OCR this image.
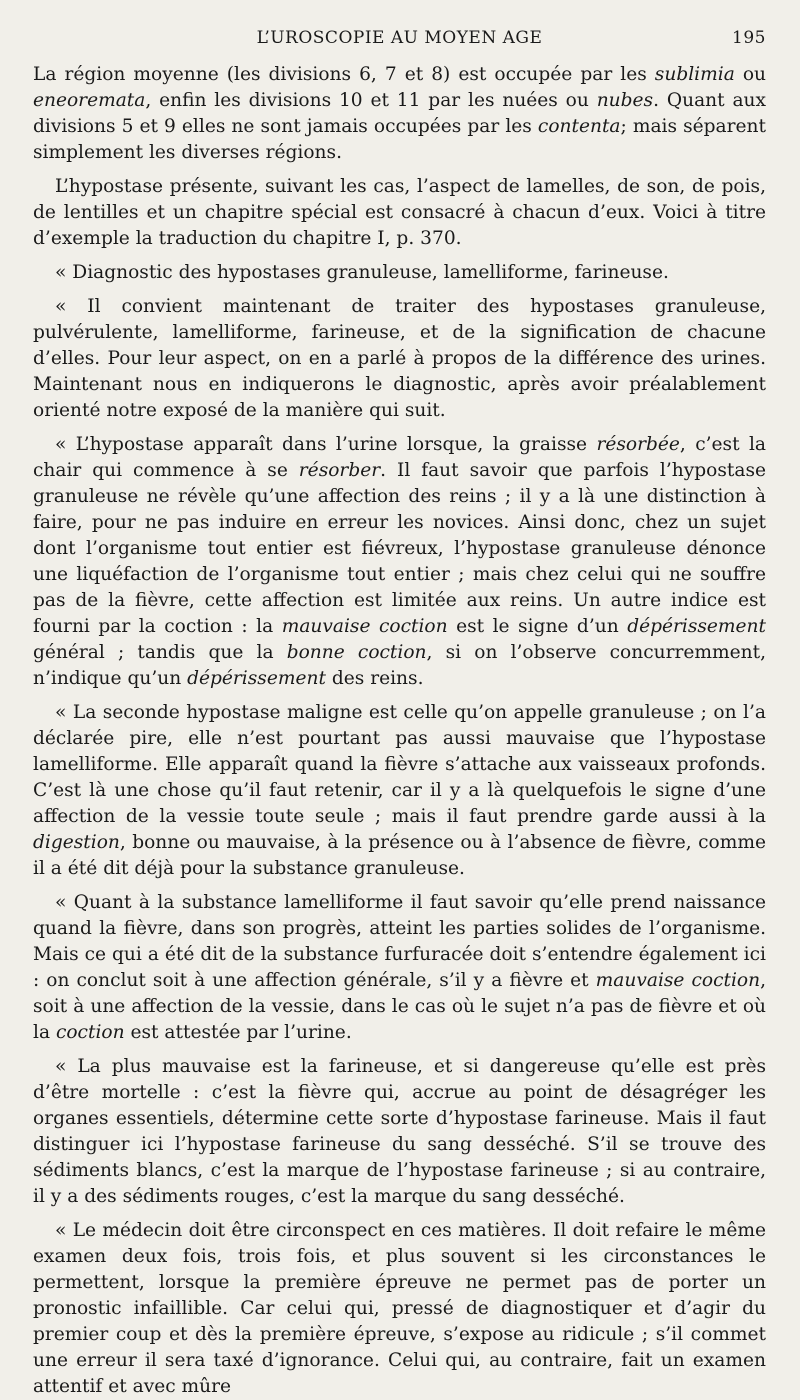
L’UROSCOPIE AU MOYEN AGE	195

La région moyenne (les divisions 6, 7 et 8) est occupée par les sublimia ou eneoremata, enfin les divisions 10 et 11 par les nuées ou nubes. Quant aux divisions 5 et 9 elles ne sont jamais occupées par les contenta; mais séparent simplement les diverses régions.

L’hypostase présente, suivant les cas, l’aspect de lamelles, de son, de pois, de lentilles et un chapitre spécial est consacré à chacun d’eux. Voici à titre d’exemple la traduction du chapitre I, p. 370.

« Diagnostic des hypostases granuleuse, lamelliforme, farineuse.

« Il convient maintenant de traiter des hypostases granuleuse, pulvérulente, lamelliforme, farineuse, et de la signification de chacune d’elles. Pour leur aspect, on en a parlé à propos de la différence des urines. Maintenant nous en indiquerons le diagnostic, après avoir préalablement orienté notre exposé de la manière qui suit.

« L’hypostase apparaît dans l’urine lorsque, la graisse résorbée, c’est la chair qui commence à se résorber. Il faut savoir que parfois l’hypostase granuleuse ne révèle qu’une affection des reins ; il y a là une distinction à faire, pour ne pas induire en erreur les novices. Ainsi donc, chez un sujet dont l’organisme tout entier est fiévreux, l’hypostase granuleuse dénonce une liquéfaction de l’organisme tout entier ; mais chez celui qui ne souffre pas de la fièvre, cette affection est limitée aux reins. Un autre indice est fourni par la coction : la mauvaise coction est le signe d’un dépérissement général ; tandis que la bonne coction, si on l’observe concurremment, n’indique qu’un dépérissement des reins.

« La seconde hypostase maligne est celle qu’on appelle granuleuse ; on l’a déclarée pire, elle n’est pourtant pas aussi mauvaise que l’hypostase lamelliforme. Elle apparaît quand la fièvre s’attache aux vaisseaux profonds. C’est là une chose qu’il faut retenir, car il y a là quelquefois le signe d’une affection de la vessie toute seule ; mais il faut prendre garde aussi à la digestion, bonne ou mauvaise, à la présence ou à l’absence de fièvre, comme il a été dit déjà pour la substance granuleuse.

« Quant à la substance lamelliforme il faut savoir qu’elle prend naissance quand la fièvre, dans son progrès, atteint les parties solides de l’organisme. Mais ce qui a été dit de la substance furfuracée doit s’entendre également ici : on conclut soit à une affection générale, s’il y a fièvre et mauvaise coction, soit à une affection de la vessie, dans le cas où le sujet n’a pas de fièvre et où la coction est attestée par l’urine.

« La plus mauvaise est la farineuse, et si dangereuse qu’elle est près d’être mortelle : c’est la fièvre qui, accrue au point de désagréger les organes essentiels, détermine cette sorte d’hypostase farineuse. Mais il faut distinguer ici l’hypostase farineuse du sang desséché. S’il se trouve des sédiments blancs, c’est la marque de l’hypostase farineuse ; si au contraire, il y a des sédiments rouges, c’est la marque du sang desséché.

« Le médecin doit être circonspect en ces matières. Il doit refaire le même examen deux fois, trois fois, et plus souvent si les circonstances le permettent, lorsque la première épreuve ne permet pas de porter un pronostic infaillible. Car celui qui, pressé de diagnostiquer et d’agir du premier coup et dès la première épreuve, s’expose au ridicule ; s’il commet une erreur il sera taxé d’ignorance. Celui qui, au contraire, fait un examen attentif et avec mûre
